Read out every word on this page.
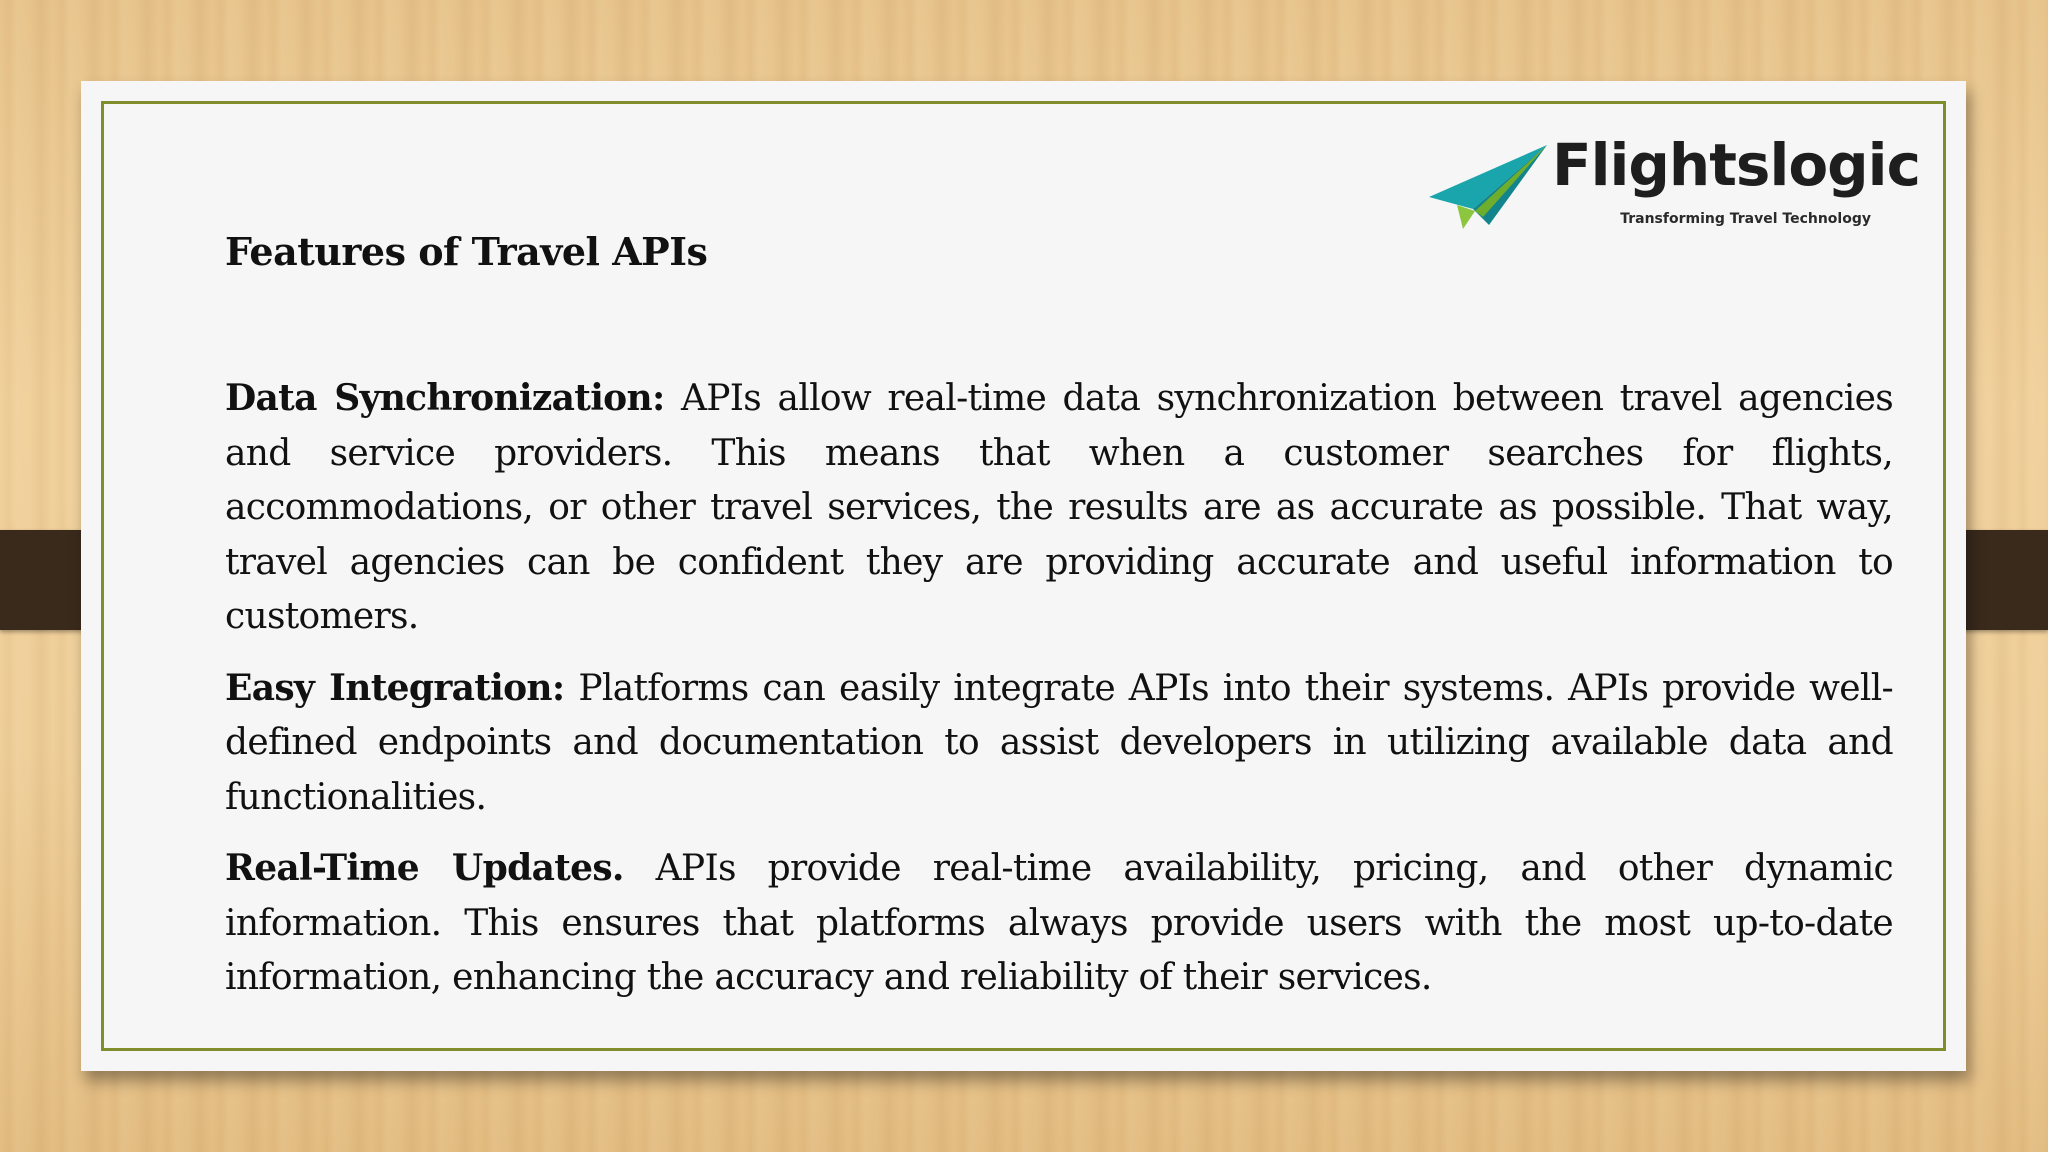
Flightslogic
Transforming Travel Technology
Features of Travel APIs

Data Synchronization: APIs allow real-time data synchronization between travel agencies and service providers. This means that when a customer searches for flights, accommodations, or other travel services, the results are as accurate as possible. That way, travel agencies can be confident they are providing accurate and useful information to customers.

Easy Integration: Platforms can easily integrate APIs into their systems. APIs provide well-defined endpoints and documentation to assist developers in utilizing available data and functionalities.

Real-Time Updates. APIs provide real-time availability, pricing, and other dynamic information. This ensures that platforms always provide users with the most up-to-date information, enhancing the accuracy and reliability of their services.
